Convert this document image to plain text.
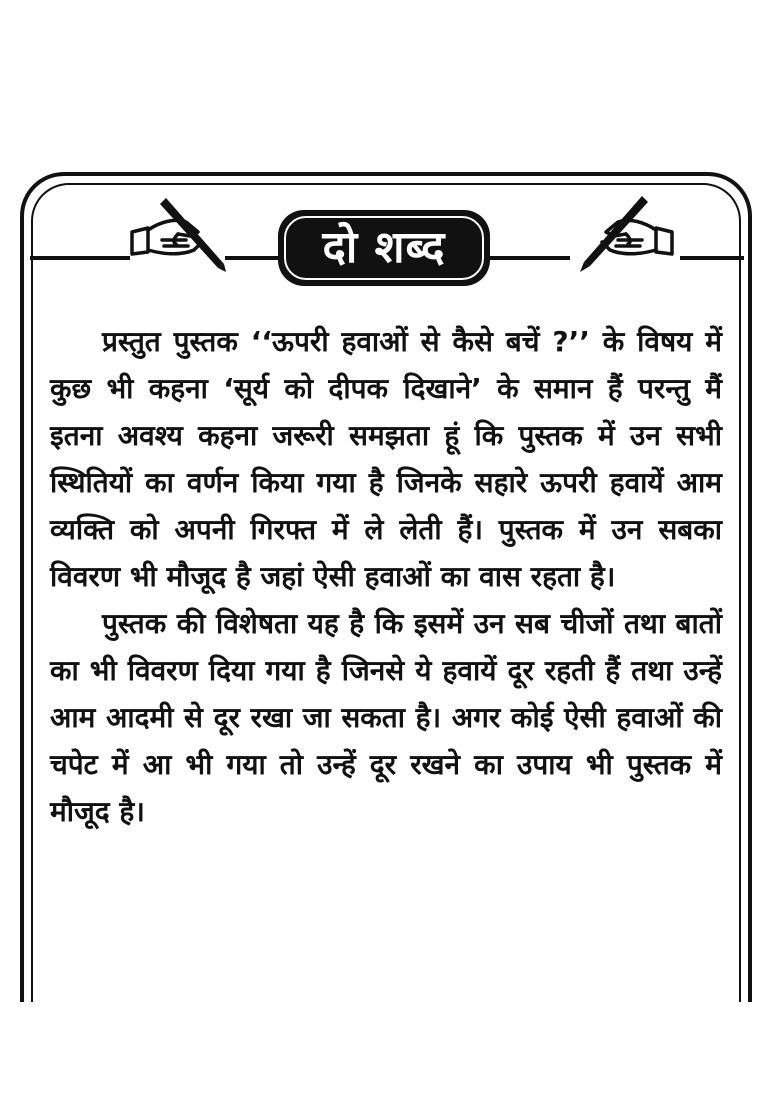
दो शब्द

प्रस्तुत पुस्तक ‘‘ऊपरी हवाओं से कैसे बचें ?’’ के विषय में कुछ भी कहना ‘सूर्य को दीपक दिखाने’ के समान हैं परन्तु मैं इतना अवश्य कहना जरूरी समझता हूं कि पुस्तक में उन सभी स्थितियों का वर्णन किया गया है जिनके सहारे ऊपरी हवायें आम व्यक्ति को अपनी गिरफ्त में ले लेती हैं। पुस्तक में उन सबका विवरण भी मौजूद है जहां ऐसी हवाओं का वास रहता है।

पुस्तक की विशेषता यह है कि इसमें उन सब चीजों तथा बातों का भी विवरण दिया गया है जिनसे ये हवायें दूर रहती हैं तथा उन्हें आम आदमी से दूर रखा जा सकता है। अगर कोई ऐसी हवाओं की चपेट में आ भी गया तो उन्हें दूर रखने का उपाय भी पुस्तक में मौजूद है।
